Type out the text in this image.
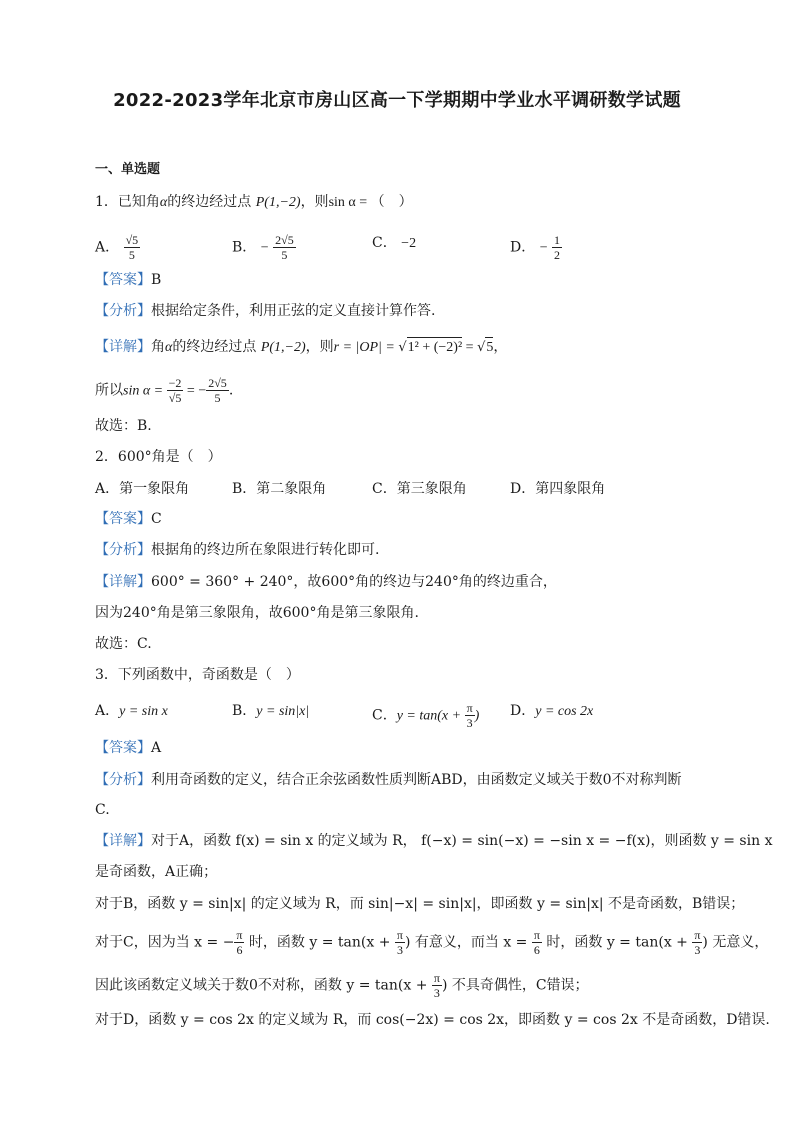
2022-2023学年北京市房山区高一下学期期中学业水平调研数学试题
一、单选题
1．已知角α的终边经过点 P(1,−2)，则sin α = （　）
A． $\frac{√5}{5}$	B． − $\frac{2√5}{5}$	C． −2	D． − $\frac{1}{2}$
【答案】B
【分析】根据给定条件，利用正弦的定义直接计算作答.
【详解】角α的终边经过点 P(1,−2)，则r = |OP| = √1² + (−2)² = √5，
所以$\sin \alpha = \frac{-2}{√5}$ = − $\frac{2√5}{5}$ .
故选：B.
2．600°角是（　）
A．第一象限角	B．第二象限角	C．第三象限角	D．第四象限角
【答案】C
【分析】根据角的终边所在象限进行转化即可.
【详解】600° = 360° + 240°，故600°角的终边与240°角的终边重合，
因为240°角是第三象限角，故600°角是第三象限角.
故选：C.
3．下列函数中，奇函数是（　）
A．y = sin x	B．y = sin|x|	C．$y = \tan(x + \frac{\pi}{3}$ ) D．y = cos 2x
【答案】A
【分析】利用奇函数的定义，结合正余弦函数性质判断ABD，由函数定义域关于数0不对称判断
C.
【详解】对于A，函数 f(x) = sin x 的定义域为 R， f(−x) = sin(−x) = −sin x = −f(x)，则函数 y = sin x
是奇函数，A正确；
对于B，函数 y = sin|x| 的定义域为 R，而 sin|−x| = sin|x|，即函数 y = sin|x| 不是奇函数，B错误；
对于C，因为当 x = − $\frac{\pi}{6}$ 时，函数 $y = \tan(x + \frac{\pi}{3}$ ) 有意义，而当 $x = \frac{\pi}{6}$ 时，函数 $y = \tan(x + \frac{\pi}{3}$ ) 无意义，
因此该函数定义域关于数0不对称，函数 $y = \tan(x + \frac{\pi}{3}$ ) 不具奇偶性，C错误；
对于D，函数 y = cos 2x 的定义域为 R，而 cos(−2x) = cos 2x，即函数 y = cos 2x 不是奇函数，D错误.
